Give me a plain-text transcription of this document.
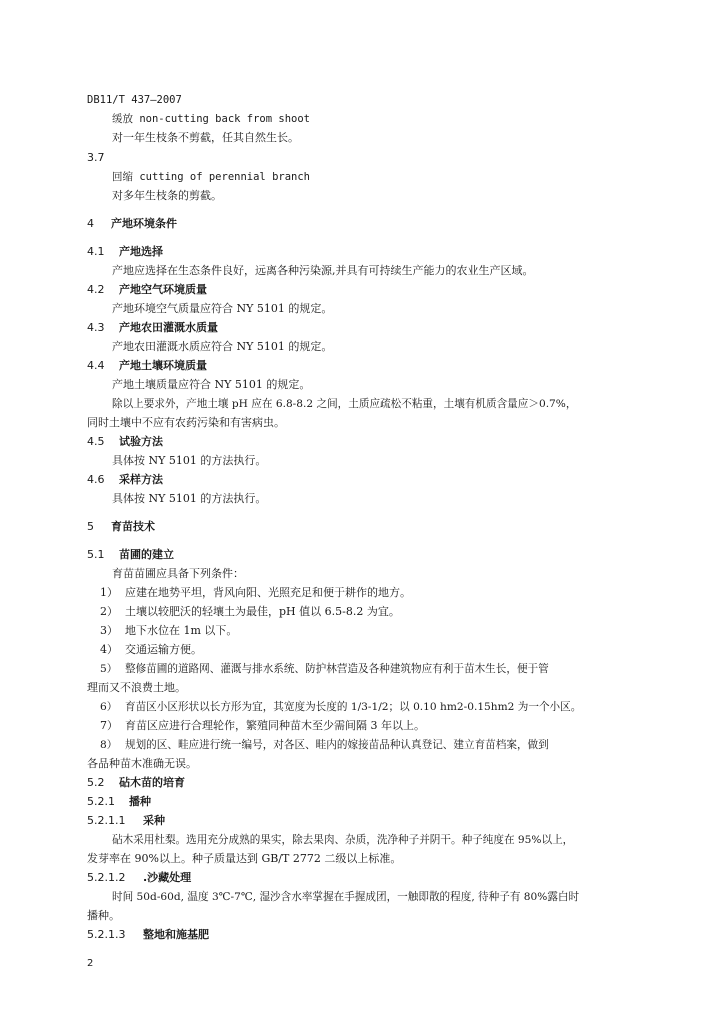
DB11/T 437—2007
缓放 non-cutting back from shoot
对一年生枝条不剪截，任其自然生长。
3.7
回缩 cutting of perennial branch
对多年生枝条的剪截。
4 产地环境条件
4.1 产地选择
产地应选择在生态条件良好，远离各种污染源,并具有可持续生产能力的农业生产区域。
4.2 产地空气环境质量
产地环境空气质量应符合 NY 5101 的规定。
4.3 产地农田灌溉水质量
产地农田灌溉水质应符合 NY 5101 的规定。
4.4 产地土壤环境质量
产地土壤质量应符合 NY 5101 的规定。
除以上要求外，产地土壤 pH 应在 6.8-8.2 之间，土质应疏松不粘重，土壤有机质含量应＞0.7%，
同时土壤中不应有农药污染和有害病虫。
4.5 试验方法
具体按 NY 5101 的方法执行。
4.6 采样方法
具体按 NY 5101 的方法执行。
5 育苗技术
5.1 苗圃的建立
育苗苗圃应具备下列条件：
1） 应建在地势平坦，背风向阳、光照充足和便于耕作的地方。
2） 土壤以较肥沃的轻壤土为最佳，pH 值以 6.5-8.2 为宜。
3） 地下水位在 1m 以下。
4） 交通运输方便。
5） 整修苗圃的道路网、灌溉与排水系统、防护林营造及各种建筑物应有利于苗木生长，便于管
理而又不浪费土地。
6） 育苗区小区形状以长方形为宜，其宽度为长度的 1/3-1/2；以 0.10 hm2-0.15hm2 为一个小区。
7） 育苗区应进行合理轮作，繁殖同种苗木至少需间隔 3 年以上。
8） 规划的区、畦应进行统一编号，对各区、畦内的嫁接苗品种认真登记、建立育苗档案，做到
各品种苗木准确无误。
5.2 砧木苗的培育
5.2.1 播种
5.2.1.1 采种
砧木采用杜梨。选用充分成熟的果实，除去果肉、杂质，洗净种子并阴干。种子纯度在 95%以上，
发芽率在 90%以上。种子质量达到 GB/T 2772 二级以上标准。
5.2.1.2 .沙藏处理
时间 50d-60d, 温度 3℃-7℃, 湿沙含水率掌握在手握成团，一触即散的程度, 待种子有 80%露白时
播种。
5.2.1.3 整地和施基肥
2
